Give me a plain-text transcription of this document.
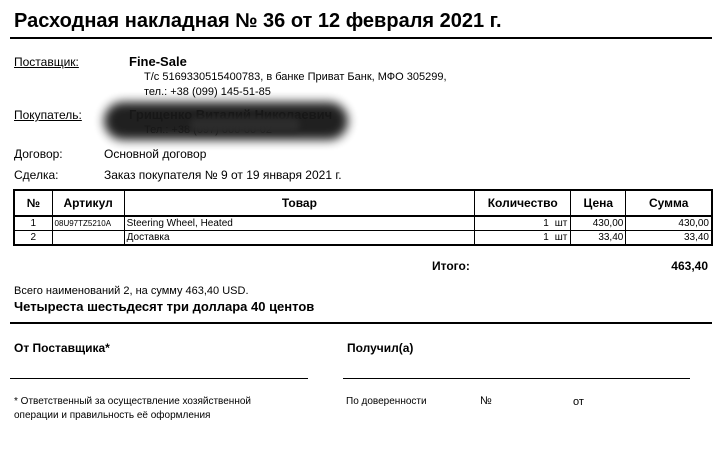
Расходная накладная № 36 от 12 февраля 2021 г.
Поставщик:	Fine-Sale
Т/с 5169330515400783, в банке Приват Банк, МФО 305299,
тел.: +38 (099) 145-51-85
Покупатель:
Договор:	Основной договор
Сделка:	Заказ покупателя № 9 от 19 января 2021 г.
№	Артикул	Товар	Количество		Цена	Сумма
1	08U97TZ5210A	Steering Wheel, Heated	1	шт	430,00	430,00
2		Доставка	1	шт	33,40	33,40
Итого:	463,40
Всего наименований 2, на сумму 463,40 USD.
Четыреста шестьдесят три доллара 40 центов
От Поставщика*	Получил(а)
* Ответственный за осуществление хозяйственной
операции и правильность её оформления
По доверенности	№	от
